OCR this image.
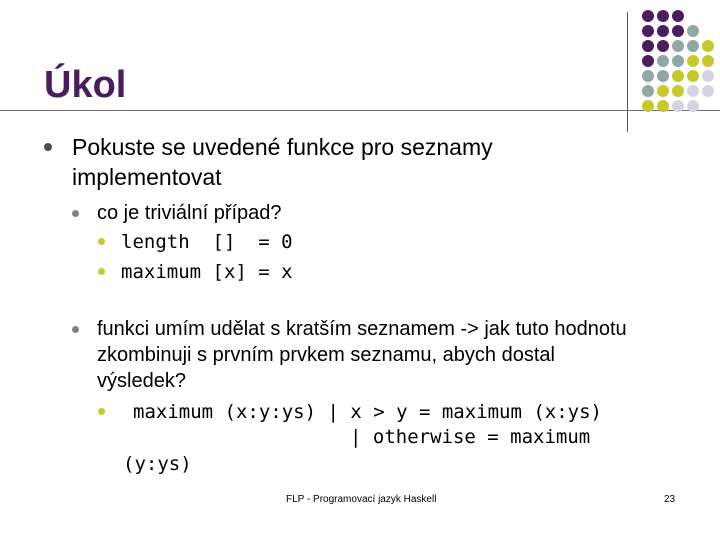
Úkol
Pokuste se uvedené funkce pro seznamy
implementovat
co je triviální případ?
length  []  = 0
maximum [x] = x
funkci umím udělat s kratším seznamem -> jak tuto hodnotu
zkombinuji s prvním prvkem seznamu, abych dostal
výsledek?
maximum (x:y:ys) | x > y = maximum (x:ys)
| otherwise = maximum
(y:ys)
FLP - Programovací jazyk Haskell	23
